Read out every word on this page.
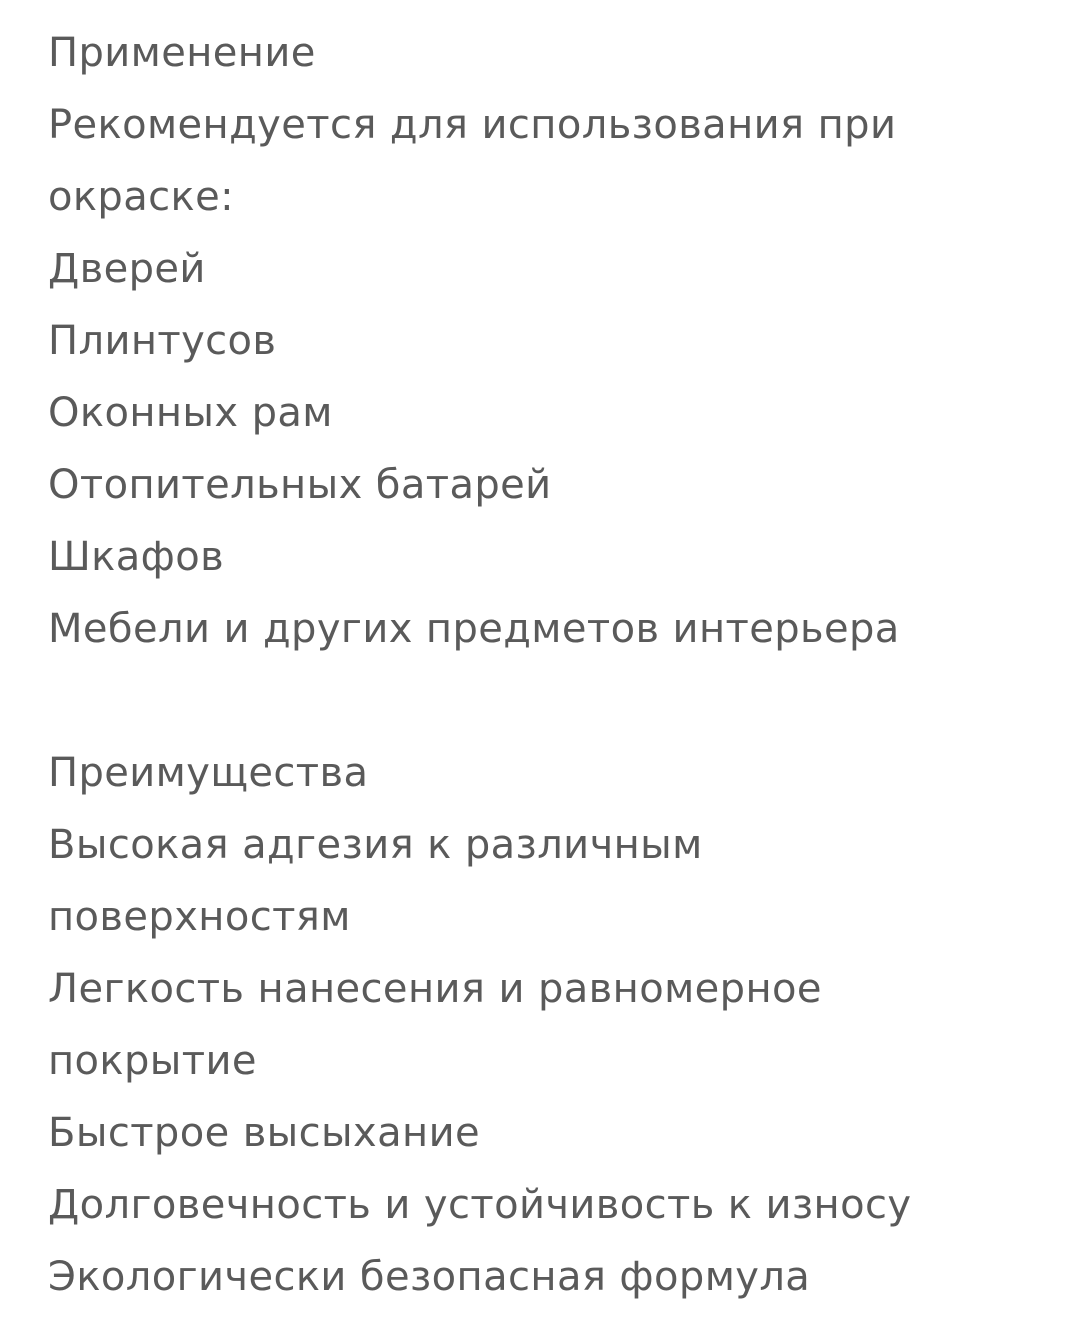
Применение
Рекомендуется для использования при
окраске:
Дверей
Плинтусов
Оконных рам
Отопительных батарей
Шкафов
Мебели и других предметов интерьера
Преимущества
Высокая адгезия к различным
поверхностям
Легкость нанесения и равномерное
покрытие
Быстрое высыхание
Долговечность и устойчивость к износу
Экологически безопасная формула
